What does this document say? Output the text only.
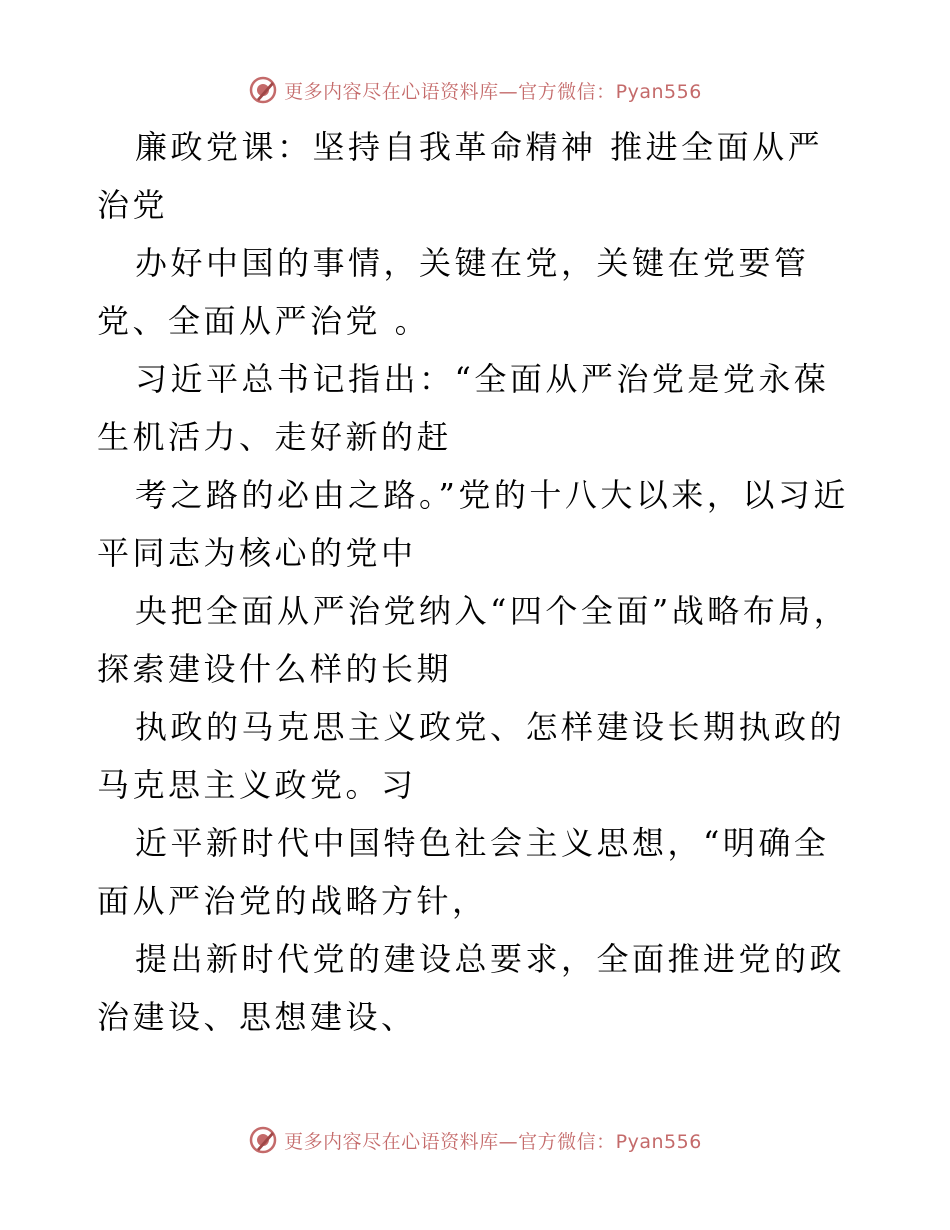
更多内容尽在心语资料库 —官方微信：Pyan556

廉政党课：坚持自我革命精神 推进全面从严治党

办好中国的事情，关键在党，关键在党要管党、全面从严治党 。

习近平总书记指出：“全面从严治党是党永葆生机活力、走好新的赶

考之路的必由之路。”党的十八大以来，以习近平同志为核心的党中

央把全面从严治党纳入“四个全面”战略布局，探索建设什么样的长期

执政的马克思主义政党、怎样建设长期执政的马克思主义政党。习

近平新时代中国特色社会主义思想，“明确全面从严治党的战略方针，

提出新时代党的建设总要求，全面推进党的政治建设、思想建设、

更多内容尽在心语资料库 —官方微信：Pyan556
